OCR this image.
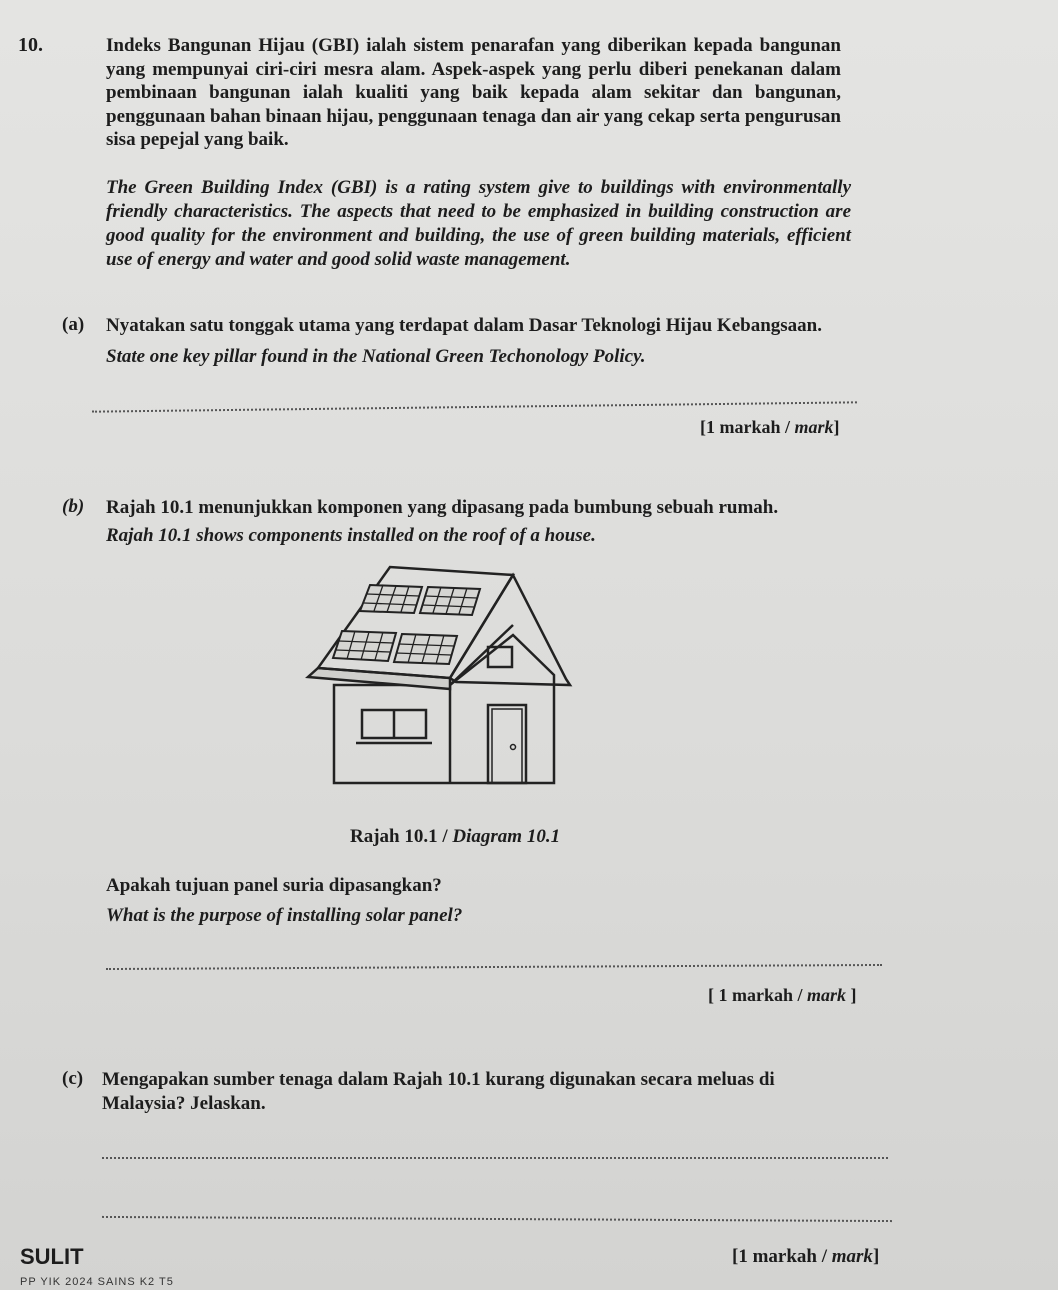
10.	Indeks Bangunan Hijau (GBI) ialah sistem penarafan yang diberikan kepada bangunan yang mempunyai ciri-ciri mesra alam. Aspek-aspek yang perlu diberi penekanan dalam pembinaan bangunan ialah kualiti yang baik kepada alam sekitar dan bangunan, penggunaan bahan binaan hijau, penggunaan tenaga dan air yang cekap serta pengurusan sisa pepejal yang baik.
The Green Building Index (GBI) is a rating system give to buildings with environmentally friendly characteristics. The aspects that need to be emphasized in building construction are good quality for the environment and building, the use of green building materials, efficient use of energy and water and good solid waste management.
(a) Nyatakan satu tonggak utama yang terdapat dalam Dasar Teknologi Hijau Kebangsaan.
State one key pillar found in the National Green Techonology Policy.
[1 markah / mark]
(b) Rajah 10.1 menunjukkan komponen yang dipasang pada bumbung sebuah rumah.
Rajah 10.1 shows components installed on the roof of a house.
Rajah 10.1 / Diagram 10.1
Apakah tujuan panel suria dipasangkan?
What is the purpose of installing solar panel?
[ 1 markah / mark ]
(c) Mengapakan sumber tenaga dalam Rajah 10.1 kurang digunakan secara meluas di Malaysia? Jelaskan.
SULIT	[1 markah / mark]
PP YIK 2024 SAINS K2 T5
